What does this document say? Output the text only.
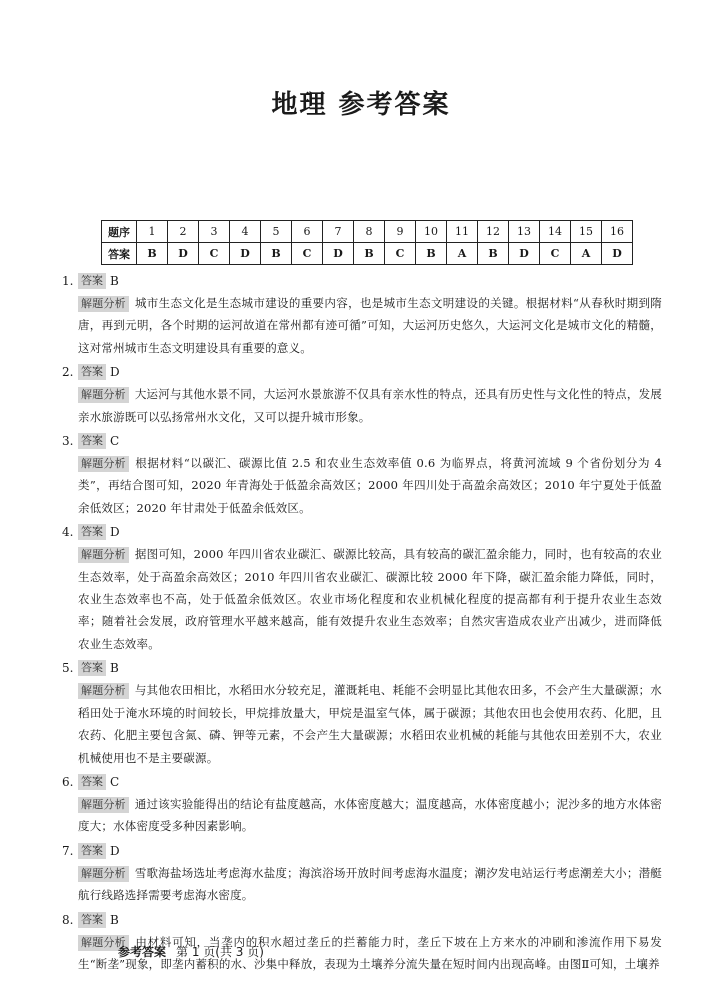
地理 参考答案
题序	1	2	3	4	5	6	7	8	9	10	11	12	13	14	15	16
答案	B	D	C	D	B	C	D	B	C	B	A	B	D	C	A	D
1. 答案 B
解题分析 城市生态文化是生态城市建设的重要内容，也是城市生态文明建设的关键。根据材料“从春秋时期到隋唐，再到元明，各个时期的运河故道在常州都有迹可循”可知，大运河历史悠久，大运河文化是城市文化的精髓，这对常州城市生态文明建设具有重要的意义。
2. 答案 D
解题分析 大运河与其他水景不同，大运河水景旅游不仅具有亲水性的特点，还具有历史性与文化性的特点，发展亲水旅游既可以弘扬常州水文化，又可以提升城市形象。
3. 答案 C
解题分析 根据材料“以碳汇、碳源比值 2.5 和农业生态效率值 0.6 为临界点，将黄河流域 9 个省份划分为 4 类”，再结合图可知，2020 年青海处于低盈余高效区；2000 年四川处于高盈余高效区；2010 年宁夏处于低盈余低效区；2020 年甘肃处于低盈余低效区。
4. 答案 D
解题分析 据图可知，2000 年四川省农业碳汇、碳源比较高，具有较高的碳汇盈余能力，同时，也有较高的农业生态效率，处于高盈余高效区；2010 年四川省农业碳汇、碳源比较 2000 年下降，碳汇盈余能力降低，同时，农业生态效率也不高，处于低盈余低效区。农业市场化程度和农业机械化程度的提高都有利于提升农业生态效率；随着社会发展，政府管理水平越来越高，能有效提升农业生态效率；自然灾害造成农业产出减少，进而降低农业生态效率。
5. 答案 B
解题分析 与其他农田相比，水稻田水分较充足，灌溉耗电、耗能不会明显比其他农田多，不会产生大量碳源；水稻田处于淹水环境的时间较长，甲烷排放量大，甲烷是温室气体，属于碳源；其他农田也会使用农药、化肥，且农药、化肥主要包含氮、磷、钾等元素，不会产生大量碳源；水稻田农业机械的耗能与其他农田差别不大，农业机械使用也不是主要碳源。
6. 答案 C
解题分析 通过该实验能得出的结论有盐度越高，水体密度越大；温度越高，水体密度越小；泥沙多的地方水体密度大；水体密度受多种因素影响。
7. 答案 D
解题分析 雪歌海盐场选址考虑海水盐度；海滨浴场开放时间考虑海水温度；潮汐发电站运行考虑潮差大小；潜艇航行线路选择需要考虑海水密度。
8. 答案 B
解题分析 由材料可知，当垄内的积水超过垄丘的拦蓄能力时，垄丘下坡在上方来水的冲刷和渗流作用下易发生“断垄”现象，即垄内蓄积的水、沙集中释放，表现为土壤养分流失量在短时间内出现高峰。由图Ⅱ可知，土壤养
参考答案 第 1 页(共 3 页)
